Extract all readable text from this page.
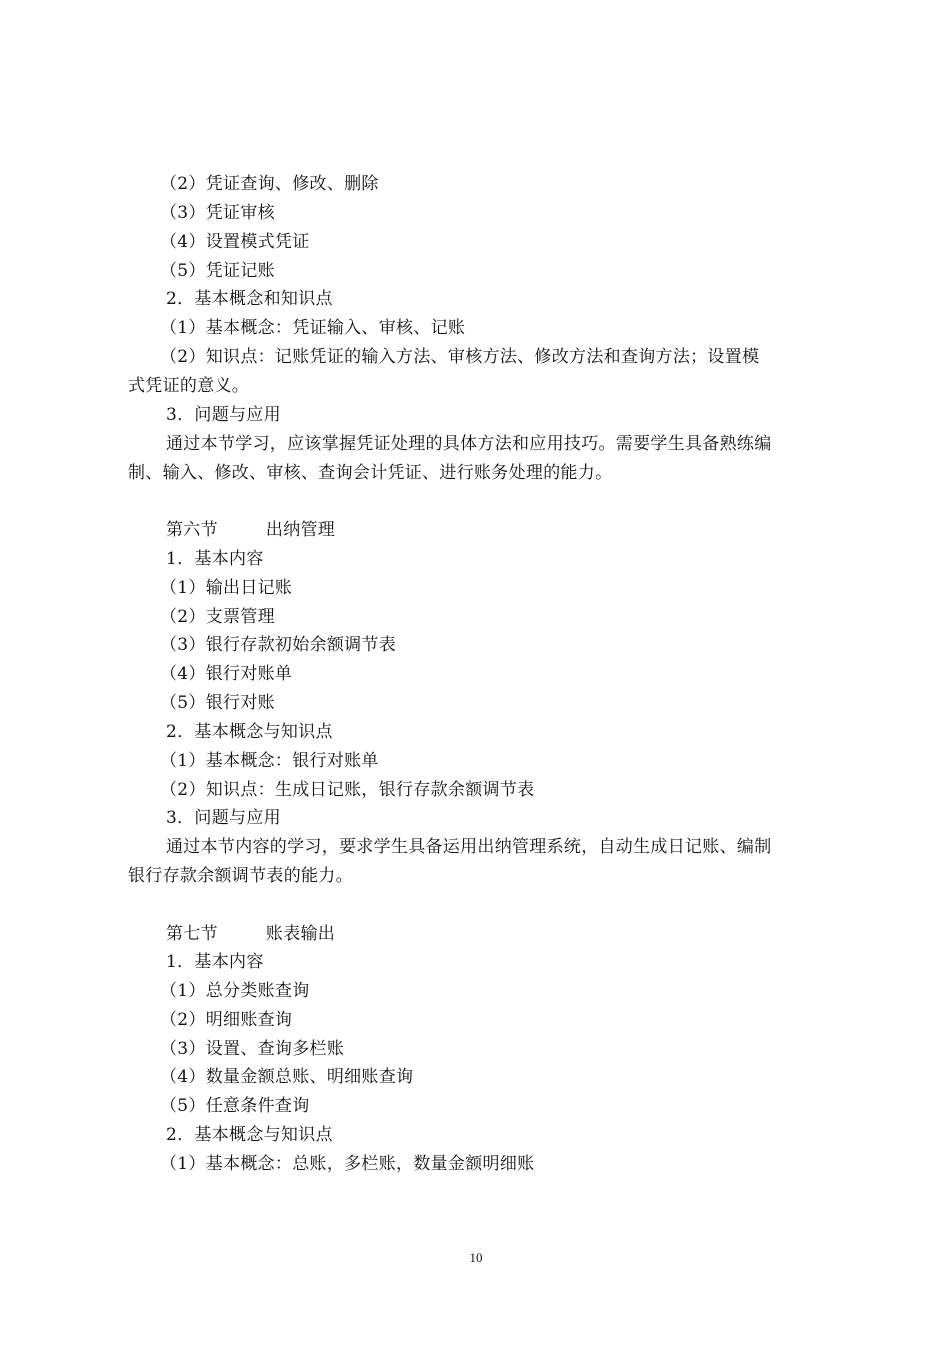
（2）凭证查询、修改、删除
（3）凭证审核
（4）设置模式凭证
（5）凭证记账
2．基本概念和知识点
（1）基本概念：凭证输入、审核、记账
（2）知识点：记账凭证的输入方法、审核方法、修改方法和查询方法；设置模
式凭证的意义。
3．问题与应用
通过本节学习，应该掌握凭证处理的具体方法和应用技巧。需要学生具备熟练编
制、输入、修改、审核、查询会计凭证、进行账务处理的能力。
第六节	出纳管理
1．基本内容
（1）输出日记账
（2）支票管理
（3）银行存款初始余额调节表
（4）银行对账单
（5）银行对账
2．基本概念与知识点
（1）基本概念：银行对账单
（2）知识点：生成日记账，银行存款余额调节表
3．问题与应用
通过本节内容的学习，要求学生具备运用出纳管理系统，自动生成日记账、编制
银行存款余额调节表的能力。
第七节	账表输出
1．基本内容
（1）总分类账查询
（2）明细账查询
（3）设置、查询多栏账
（4）数量金额总账、明细账查询
（5）任意条件查询
2．基本概念与知识点
（1）基本概念：总账，多栏账，数量金额明细账
10
